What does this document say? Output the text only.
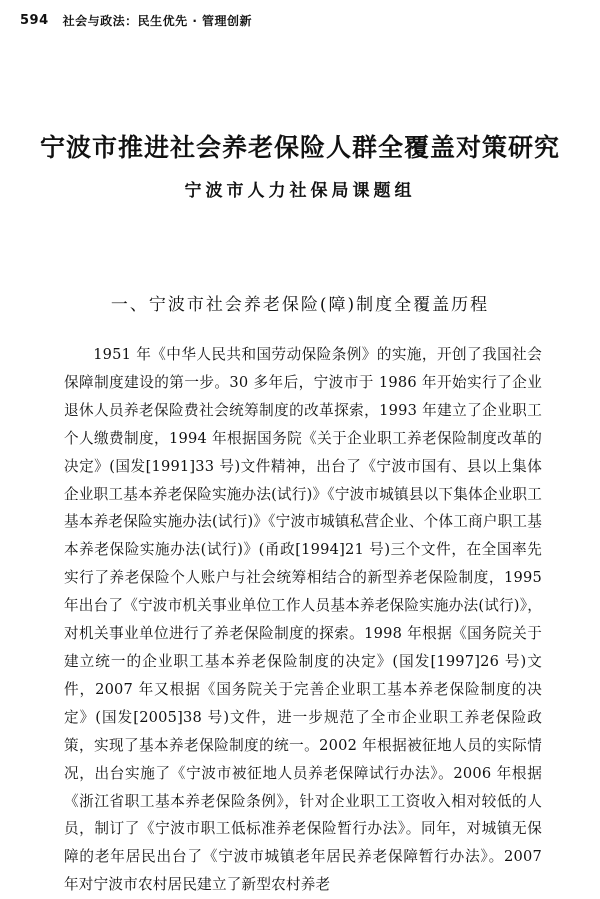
594 社会与政法：民生优先 · 管理创新
宁波市推进社会养老保险人群全覆盖对策研究
宁波市人力社保局课题组
一、宁波市社会养老保险(障)制度全覆盖历程

1951 年《中华人民共和国劳动保险条例》的实施，开创了我国社会保障制度建设的第一步。30 多年后，宁波市于 1986 年开始实行了企业退休人员养老保险费社会统筹制度的改革探索，1993 年建立了企业职工个人缴费制度，1994 年根据国务院《关于企业职工养老保险制度改革的决定》(国发[1991]33 号)文件精神，出台了《宁波市国有、县以上集体企业职工基本养老保险实施办法(试行)》《宁波市城镇县以下集体企业职工基本养老保险实施办法(试行)》《宁波市城镇私营企业、个体工商户职工基本养老保险实施办法(试行)》(甬政[1994]21 号)三个文件，在全国率先实行了养老保险个人账户与社会统筹相结合的新型养老保险制度，1995 年出台了《宁波市机关事业单位工作人员基本养老保险实施办法(试行)》，对机关事业单位进行了养老保险制度的探索。1998 年根据《国务院关于建立统一的企业职工基本养老保险制度的决定》(国发[1997]26 号)文件，2007 年又根据《国务院关于完善企业职工基本养老保险制度的决定》(国发[2005]38 号)文件，进一步规范了全市企业职工养老保险政策，实现了基本养老保险制度的统一。2002 年根据被征地人员的实际情况，出台实施了《宁波市被征地人员养老保障试行办法》。2006 年根据《浙江省职工基本养老保险条例》，针对企业职工工资收入相对较低的人员，制订了《宁波市职工低标准养老保险暂行办法》。同年，对城镇无保障的老年居民出台了《宁波市城镇老年居民养老保障暂行办法》。2007 年对宁波市农村居民建立了新型农村养老
